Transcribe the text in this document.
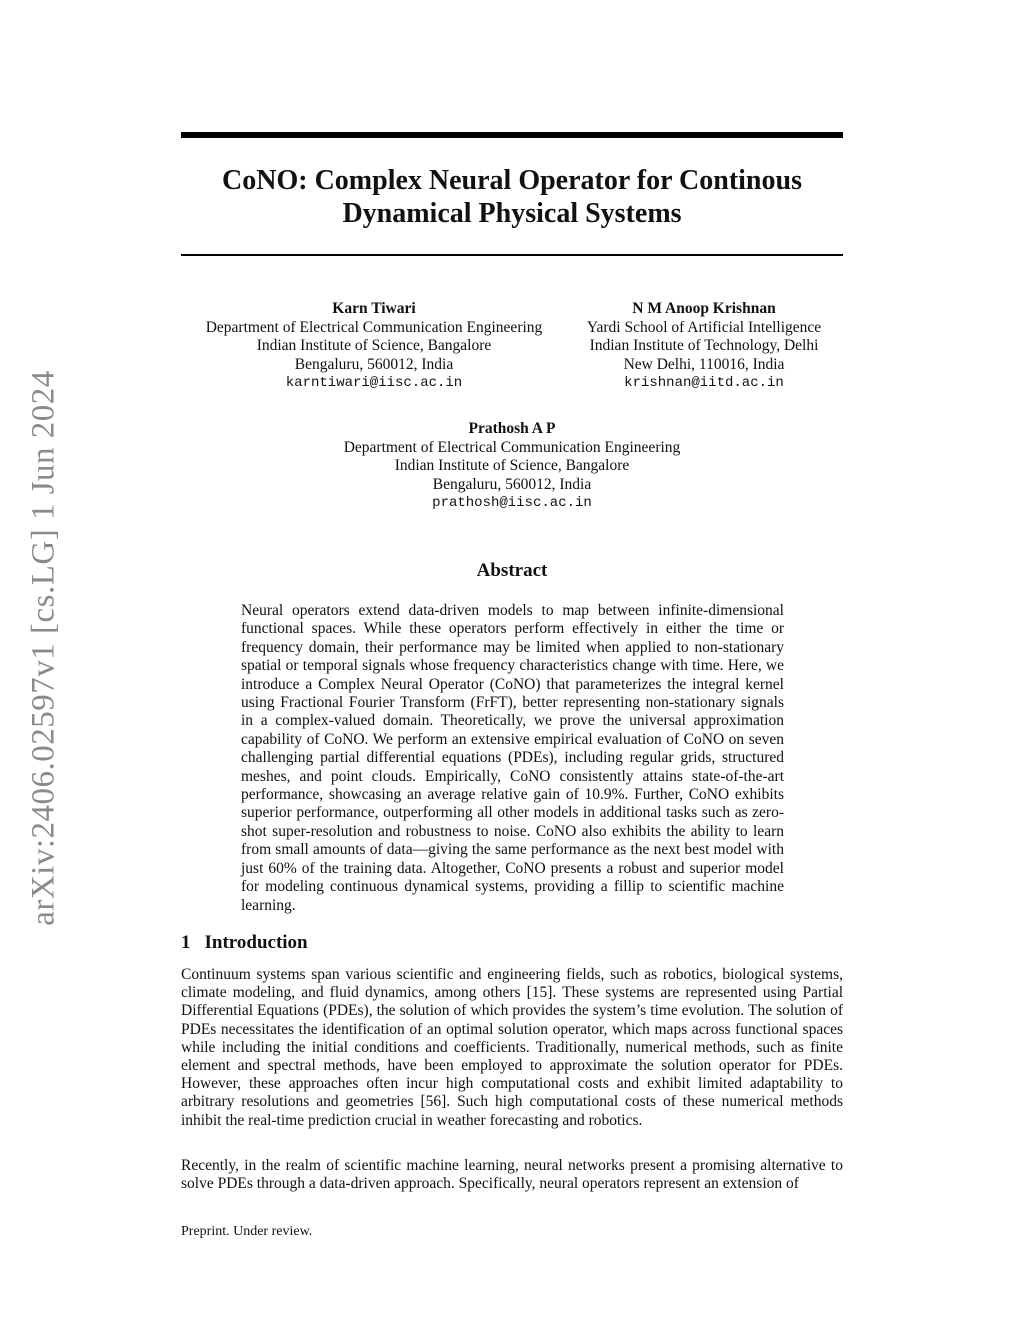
arXiv:2406.02597v1 [cs.LG] 1 Jun 2024
CoNO: Complex Neural Operator for Continous
Dynamical Physical Systems
Karn Tiwari
Department of Electrical Communication Engineering
Indian Institute of Science, Bangalore
Bengaluru, 560012, India
karntiwari@iisc.ac.in
N M Anoop Krishnan
Yardi School of Artificial Intelligence
Indian Institute of Technology, Delhi
New Delhi, 110016, India
krishnan@iitd.ac.in
Prathosh A P
Department of Electrical Communication Engineering
Indian Institute of Science, Bangalore
Bengaluru, 560012, India
prathosh@iisc.ac.in
Abstract

Neural operators extend data-driven models to map between infinite-dimensional functional spaces. While these operators perform effectively in either the time or frequency domain, their performance may be limited when applied to non-stationary spatial or temporal signals whose frequency characteristics change with time. Here, we introduce a Complex Neural Operator (CoNO) that parameterizes the integral kernel using Fractional Fourier Transform (FrFT), better representing non-stationary signals in a complex-valued domain. Theoretically, we prove the universal approximation capability of CoNO. We perform an extensive empirical evaluation of CoNO on seven challenging partial differential equations (PDEs), including regular grids, structured meshes, and point clouds. Empirically, CoNO consistently attains state-of-the-art performance, showcasing an average relative gain of 10.9%. Further, CoNO exhibits superior performance, outperforming all other models in additional tasks such as zero-shot super-resolution and robustness to noise. CoNO also exhibits the ability to learn from small amounts of data—giving the same performance as the next best model with just 60% of the training data. Altogether, CoNO presents a robust and superior model for modeling continuous dynamical systems, providing a fillip to scientific machine learning.

1 Introduction

Continuum systems span various scientific and engineering fields, such as robotics, biological systems, climate modeling, and fluid dynamics, among others [15]. These systems are represented using Partial Differential Equations (PDEs), the solution of which provides the system’s time evolution. The solution of PDEs necessitates the identification of an optimal solution operator, which maps across functional spaces while including the initial conditions and coefficients. Traditionally, numerical methods, such as finite element and spectral methods, have been employed to approximate the solution operator for PDEs. However, these approaches often incur high computational costs and exhibit limited adaptability to arbitrary resolutions and geometries [56]. Such high computational costs of these numerical methods inhibit the real-time prediction crucial in weather forecasting and robotics.

Recently, in the realm of scientific machine learning, neural networks present a promising alternative to solve PDEs through a data-driven approach. Specifically, neural operators represent an extension of

Preprint. Under review.
